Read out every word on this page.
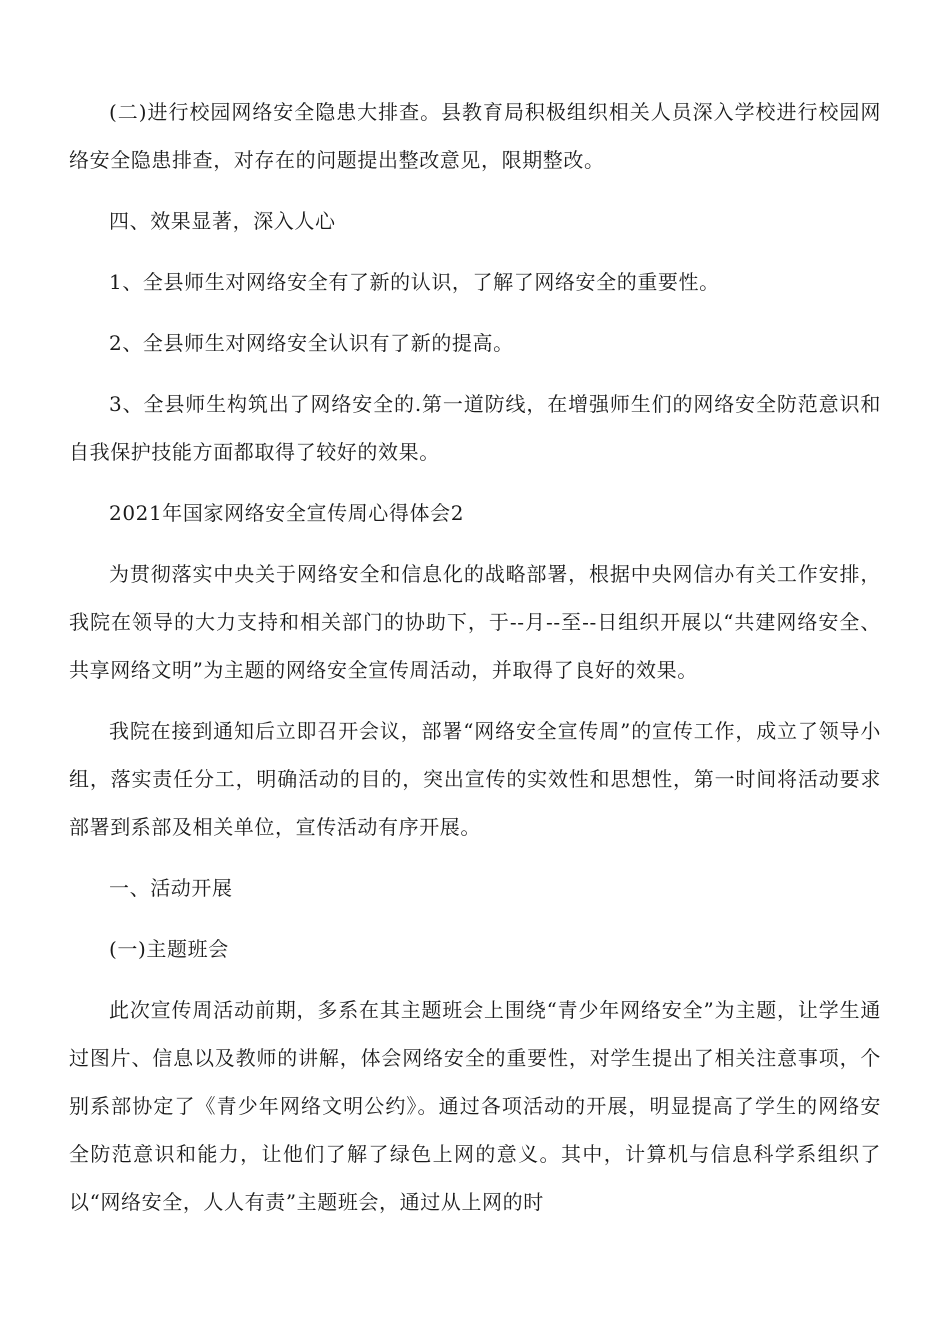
(二)进行校园网络安全隐患大排查。县教育局积极组织相关人员深入学校进行校园网络安全隐患排查，对存在的问题提出整改意见，限期整改。

四、效果显著，深入人心

1、全县师生对网络安全有了新的认识，了解了网络安全的重要性。

2、全县师生对网络安全认识有了新的提高。

3、全县师生构筑出了网络安全的.第一道防线，在增强师生们的网络安全防范意识和自我保护技能方面都取得了较好的效果。

2021年国家网络安全宣传周心得体会2

为贯彻落实中央关于网络安全和信息化的战略部署，根据中央网信办有关工作安排，我院在领导的大力支持和相关部门的协助下，于--月--至--日组织开展以“共建网络安全、共享网络文明”为主题的网络安全宣传周活动，并取得了良好的效果。

我院在接到通知后立即召开会议，部署“网络安全宣传周”的宣传工作，成立了领导小组，落实责任分工，明确活动的目的，突出宣传的实效性和思想性，第一时间将活动要求部署到系部及相关单位，宣传活动有序开展。

一、活动开展

(一)主题班会

此次宣传周活动前期，多系在其主题班会上围绕“青少年网络安全”为主题，让学生通过图片、信息以及教师的讲解，体会网络安全的重要性，对学生提出了相关注意事项，个别系部协定了《青少年网络文明公约》。通过各项活动的开展，明显提高了学生的网络安全防范意识和能力，让他们了解了绿色上网的意义。其中，计算机与信息科学系组织了以“网络安全，人人有责”主题班会，通过从上网的时
